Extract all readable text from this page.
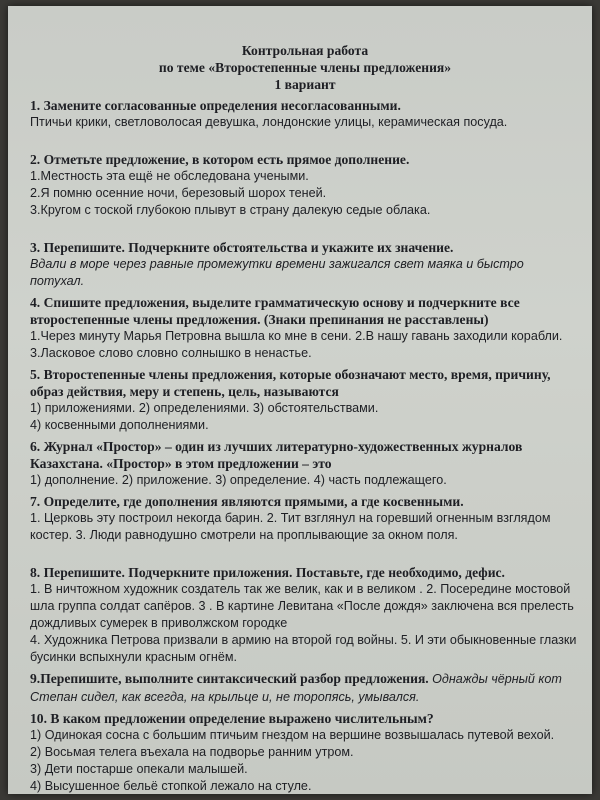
Контрольная работа
по теме «Второстепенные члены предложения»
1 вариант
1. Замените согласованные определения несогласованными.
Птичьи крики, светловолосая девушка, лондонские улицы, керамическая посуда.
2. Отметьте предложение, в котором есть прямое дополнение.
1.Местность эта ещё не обследована учеными.
2.Я помню осенние ночи, березовый шорох теней.
3.Кругом с тоской глубокою плывут в страну далекую седые облака.
3. Перепишите. Подчеркните обстоятельства и укажите их значение.
Вдали в море через равные промежутки времени зажигался свет маяка и быстро потухал.
4. Спишите предложения, выделите грамматическую основу и подчеркните все второстепенные члены предложения. (Знаки препинания не расставлены)
1.Через минуту Марья Петровна вышла ко мне в сени. 2.В нашу гавань заходили корабли. 3.Ласковое слово словно солнышко в ненастье.
5. Второстепенные члены предложения, которые обозначают место, время, причину, образ действия, меру и степень, цель, называются
1) приложениями. 2) определениями. 3) обстоятельствами.
4) косвенными дополнениями.
6. Журнал «Простор» – один из лучших литературно-художественных журналов Казахстана. «Простор» в этом предложении – это
1) дополнение. 2) приложение. 3) определение. 4) часть подлежащего.
7. Определите, где дополнения являются прямыми, а где косвенными.
1. Церковь эту построил некогда барин. 2. Тит взглянул на горевший огненным взглядом костер. 3. Люди равнодушно смотрели на проплывающие за окном поля.
8. Перепишите. Подчеркните приложения. Поставьте, где необходимо, дефис.
1. В ничтожном художник создатель так же велик, как и в великом . 2. Посередине мостовой шла группа солдат сапёров. 3 . В картине Левитана «После дождя» заключена вся прелесть дождливых сумерек в приволжском городке
4. Художника Петрова призвали в армию на второй год войны. 5. И эти обыкновенные глазки бусинки вспыхнули красным огнём.
9.Перепишите, выполните синтаксический разбор предложения. Однажды чёрный кот Степан сидел, как всегда, на крыльце и, не торопясь, умывался.
10. В каком предложении определение выражено числительным?
1) Одинокая сосна с большим птичьим гнездом на вершине возвышалась путевой вехой.
2) Восьмая телега въехала на подворье ранним утром.
3) Дети постарше опекали малышей.
4) Высушенное бельё стопкой лежало на стуле.
